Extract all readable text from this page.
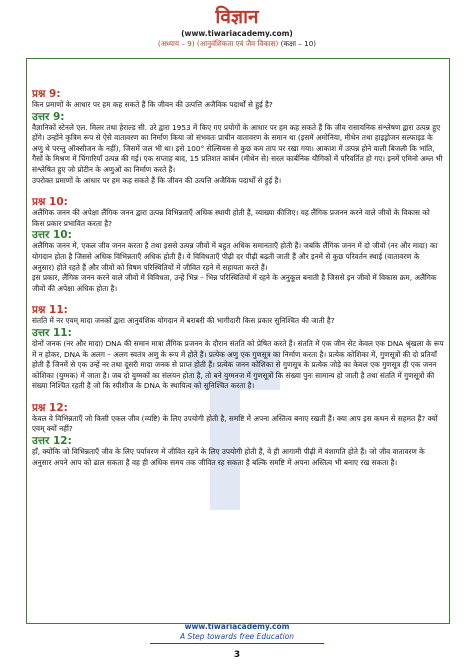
विज्ञान
(www.tiwariacademy.com)
(अध्याय – 9) (आनुवंशिकता एवं जैव विकास) (कक्षा – 10)
प्रश्न 9:

किन प्रमाणों के आधार पर हम कह सकते हैं कि जीवन की उत्पत्ति अजैविक पदार्थों से हुई है?

उत्तर 9:

वैज्ञानिकों स्टेनले एल. मिलर तथा हेराल्ड सी. उरे द्वारा 1953 में किए गए प्रयोगों के आधार पर हम कह सकते हैं कि जीव रासायनिक संश्लेषण द्वारा उत्पन्न हुए होंगे। उन्होंने कृत्रिम रूप से ऐसे वातावरण का निर्माण किया जो संभवतः प्राचीन वातावरण के समान था (इसमें अमोनिया, मीथेन तथा हाइड्रोजन सल्फाइड के अणु थे परन्तु ऑक्सीजन के नहीं), जिसमें जल भी था। इसे 100° सेल्सियस से कुछ कम ताप पर रखा गया। आकाश में उत्पन्न होने वाली बिजली कि भांति, गैसों के मिश्रण में चिंगारियाँ उत्पन्न की गई। एक सप्ताह बाद, 15 प्रतिशत कार्बन (मीथेन से) सरल कार्बनिक यौगिकों में परिवर्तित हो गए। इनमें एमिनो अम्ल भी संश्लेषित हुए जो प्रोटीन के अणुओं का निर्माण करते हैं।

उपरोक्त प्रमाणों के आधार पर हम कह सकते हैं कि जीवन की उत्पत्ति अजैविक पदार्थों से हुई है।

प्रश्न 10:

अलैंगिक जनन की अपेक्षा लैंगिक जनन द्वारा उत्पन्न विभिन्नताएँ अधिक स्थायी होती हैं, व्याख्या कीजिए। यह लैंगिक प्रजनन करने वाले जीवों के विकास को किस प्रकार प्रभावित करता है?

उत्तर 10:

अलैंगिक जनन में, एकल जीव जनन करता है तथा इससे उत्पन्न जीवों में बहुत अधिक समानताएँ होती हैं। जबकि लैंगिक जनन में दो जीवों (नर और मादा) का योगदान होता है जिससे अधिक विभिन्नताएँ अधिक होती हैं। ये विविधताएँ पीढ़ी दर पीढ़ी बढ़ती जाती हैं और इनमें से कुछ परिवर्तन स्थाई (वातावरण के अनुसार) होते रहते हैं और जीवों को विषम परिस्थितियों में जीवित रहने में सहायता करते हैं।

इस प्रकार, लैंगिक जनन करने वाले जीवों में विविधता, उन्हें भिन्न – भिन्न परिस्थितियों में रहने के अनुकूल बनाती है जिससे इन जीवों में विकास क्रम, अलैंगिक जीवों की अपेक्षा अधिक होता है।

प्रश्न 11:

संतति में नर एवम् मादा जनकों द्वारा आनुवंशिक योगदान में बराबरी की भागीदारी किस प्रकार सुनिश्चित की जाती है?

उत्तर 11:

दोनों जनक (नर और मादा) DNA की समान मात्रा लैंगिक प्रजनन के दौरान संतति को प्रेषित करते हैं। संतति में एक जीन सेट केवल एक DNA श्रृंखला के रूप में न होकर, DNA के अलग – अलग स्वतंत्र अणु के रूप में होते हैं। प्रत्येक अणु एक गुणसूत्र का निर्माण करता है। प्रत्येक कोशिका में, गुणसूत्रों की दो प्रतियाँ होती हैं जिनमें से एक उन्हें नर तथा दूसरी मादा जनक से प्राप्त होती हैं। प्रत्येक जनन कोशिका से गुणसूत्र के प्रत्येक जोड़े का केवल एक गुणसूत्र ही एक जनन कोशिका (युग्मक) में जाता है। जब दो युग्मकों का संलयन होता है, तो बने युग्मनज में गुणसूत्रों कि संख्या पुनः सामान्य हो जाती है तथा संतति में गुणसूत्रों की संख्या निश्चित रहती है जो कि स्पीशीज के DNA के स्थायित्व को सुनिश्चित करता है।

प्रश्न 12:

केवल वे विभिन्नताएँ जो किसी एकल जीव (व्यष्टि) के लिए उपयोगी होती है, समष्टि में अपना अस्तित्व बनाए रखती हैं। क्या आप इस कथन से सहमत हैं? क्यों एवम् क्यों नहीं?

उत्तर 12:

हाँ, क्योंकि जो विभिन्नताएँ जीव के लिए पर्यावरण में जीवित रहने के लिए उपयोगी होती हैं, वे ही आगामी पीढ़ी में वंशागति होते हैं। जो जीव वातावरण के अनुसार अपने आप को ढाल सकता है वह ही अधिक समय तक जीवित रह सकता है बल्कि समष्टि में अपना अस्तित्व भी बनाए रख सकता है।

www.tiwariacademy.com
A Step towards free Education
3
